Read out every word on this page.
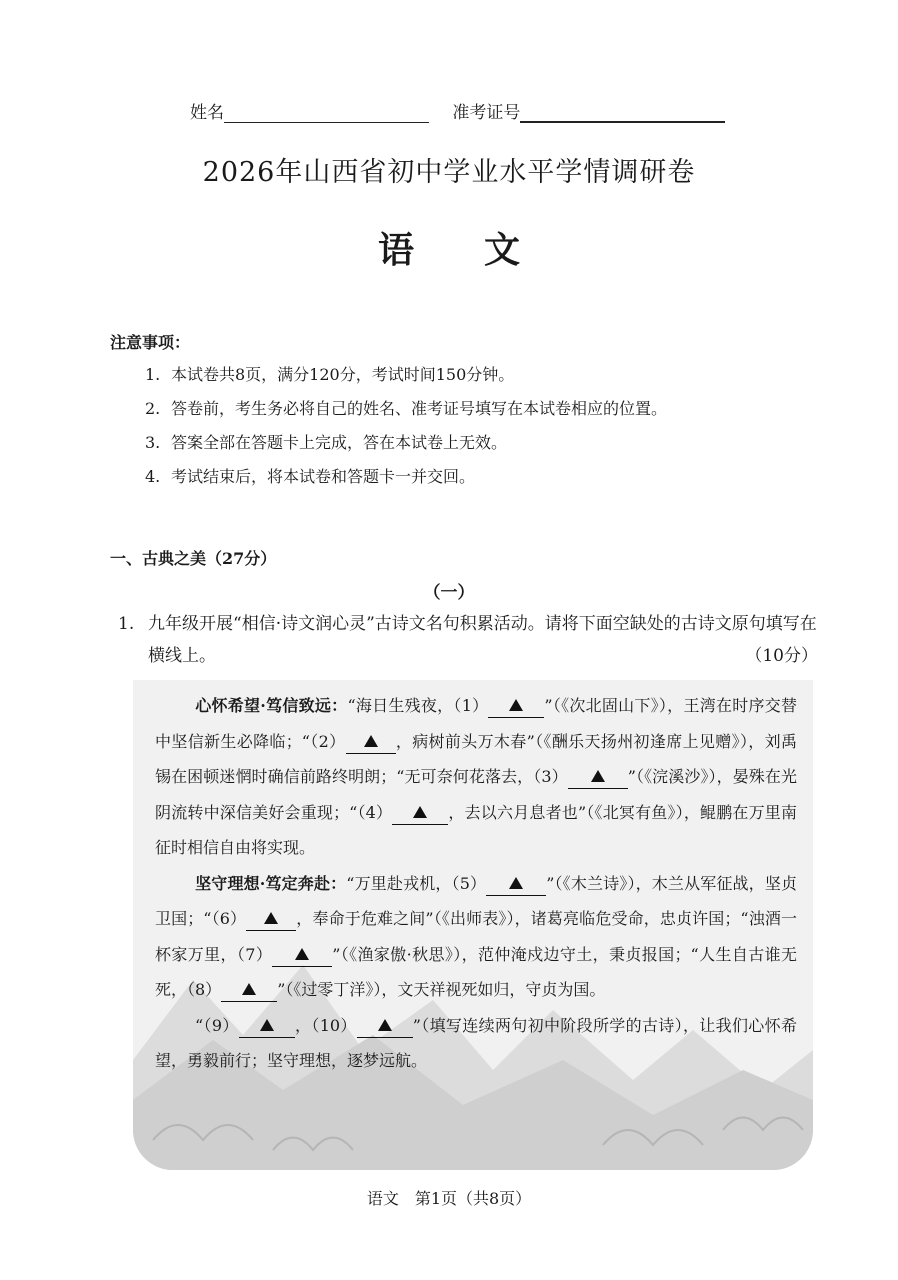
姓名	准考证号
2026年山西省初中学业水平学情调研卷
语文
注意事项：
1. 本试卷共8页，满分120分，考试时间150分钟。
2. 答卷前，考生务必将自己的姓名、准考证号填写在本试卷相应的位置。
3. 答案全部在答题卡上完成，答在本试卷上无效。
4. 考试结束后，将本试卷和答题卡一并交回。
一、古典之美（27分）
（一）
1. 九年级开展“相信·诗文润心灵”古诗文名句积累活动。请将下面空缺处的古诗文原句填写在横线上。	（10分）
心怀希望·笃信致远：“海日生残夜，（1）	”（《次北固山下》），王湾在时序交替中坚信新生必降临；“（2）	，病树前头万木春”（《酬乐天扬州初逢席上见赠》），刘禹锡在困顿迷惘时确信前路终明朗；“无可奈何花落去，（3）	”（《浣溪沙》），晏殊在光阴流转中深信美好会重现；“（4）	，去以六月息者也”（《北冥有鱼》），鲲鹏在万里南征时相信自由将实现。
坚守理想·笃定奔赴：“万里赴戎机，（5）	”（《木兰诗》），木兰从军征战，坚贞卫国；“（6）	，奉命于危难之间”（《出师表》），诸葛亮临危受命，忠贞许国；“浊酒一杯家万里，（7）	”（《渔家傲·秋思》），范仲淹戍边守土，秉贞报国；“人生自古谁无死，（8）	”（《过零丁洋》），文天祥视死如归，守贞为国。
“（9）	，（10）	”（填写连续两句初中阶段所学的古诗），让我们心怀希望，勇毅前行；坚守理想，逐梦远航。
语文　第1页（共8页）
